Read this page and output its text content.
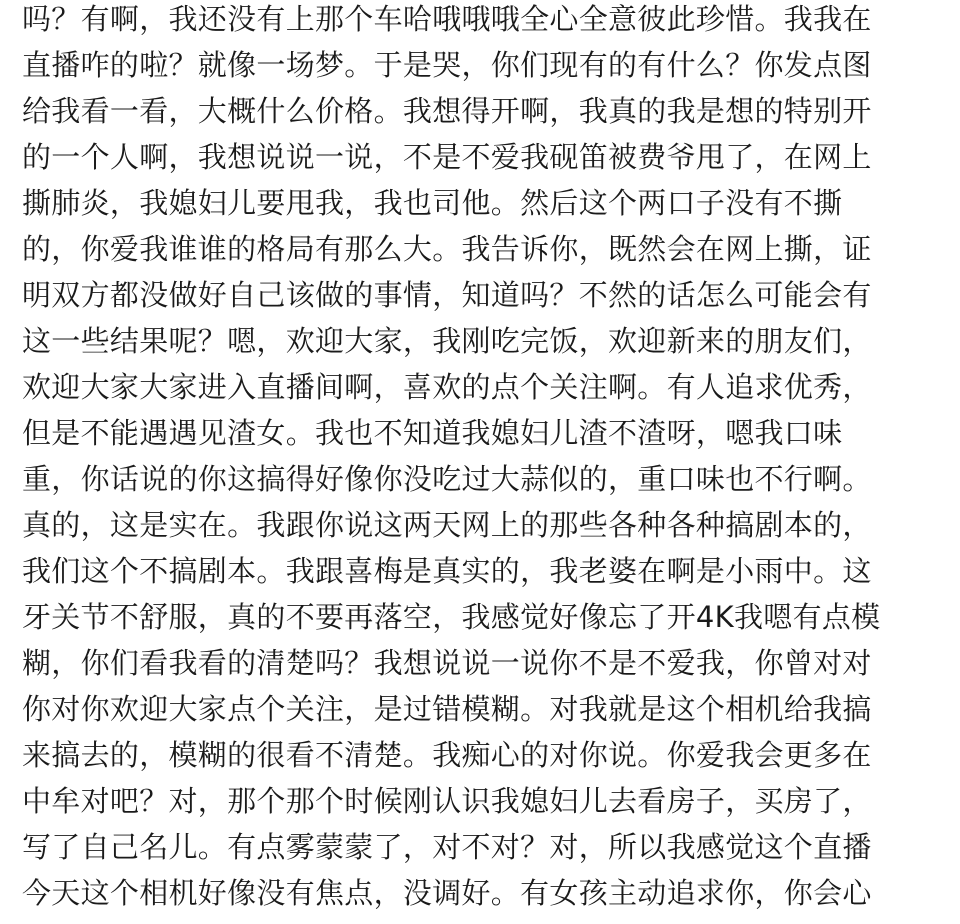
吗？有啊，我还没有上那个车哈哦哦哦全心全意彼此珍惜。我我在
直播咋的啦？就像一场梦。于是哭，你们现有的有什么？你发点图
给我看一看，大概什么价格。我想得开啊，我真的我是想的特别开
的一个人啊，我想说说一说，不是不爱我砚笛被费爷甩了，在网上
撕肺炎，我媳妇儿要甩我，我也司他。然后这个两口子没有不撕
的，你爱我谁谁的格局有那么大。我告诉你，既然会在网上撕，证
明双方都没做好自己该做的事情，知道吗？不然的话怎么可能会有
这一些结果呢？嗯，欢迎大家，我刚吃完饭，欢迎新来的朋友们，
欢迎大家大家进入直播间啊，喜欢的点个关注啊。有人追求优秀，
但是不能遇遇见渣女。我也不知道我媳妇儿渣不渣呀，嗯我口味
重，你话说的你这搞得好像你没吃过大蒜似的，重口味也不行啊。
真的，这是实在。我跟你说这两天网上的那些各种各种搞剧本的，
我们这个不搞剧本。我跟喜梅是真实的，我老婆在啊是小雨中。这
牙关节不舒服，真的不要再落空，我感觉好像忘了开4K我嗯有点模
糊，你们看我看的清楚吗？我想说说一说你不是不爱我，你曾对对
你对你欢迎大家点个关注，是过错模糊。对我就是这个相机给我搞
来搞去的，模糊的很看不清楚。我痴心的对你说。你爱我会更多在
中牟对吧？对，那个那个时候刚认识我媳妇儿去看房子，买房了，
写了自己名儿。有点雾蒙蒙了，对不对？对，所以我感觉这个直播
今天这个相机好像没有焦点，没调好。有女孩主动追求你，你会心
